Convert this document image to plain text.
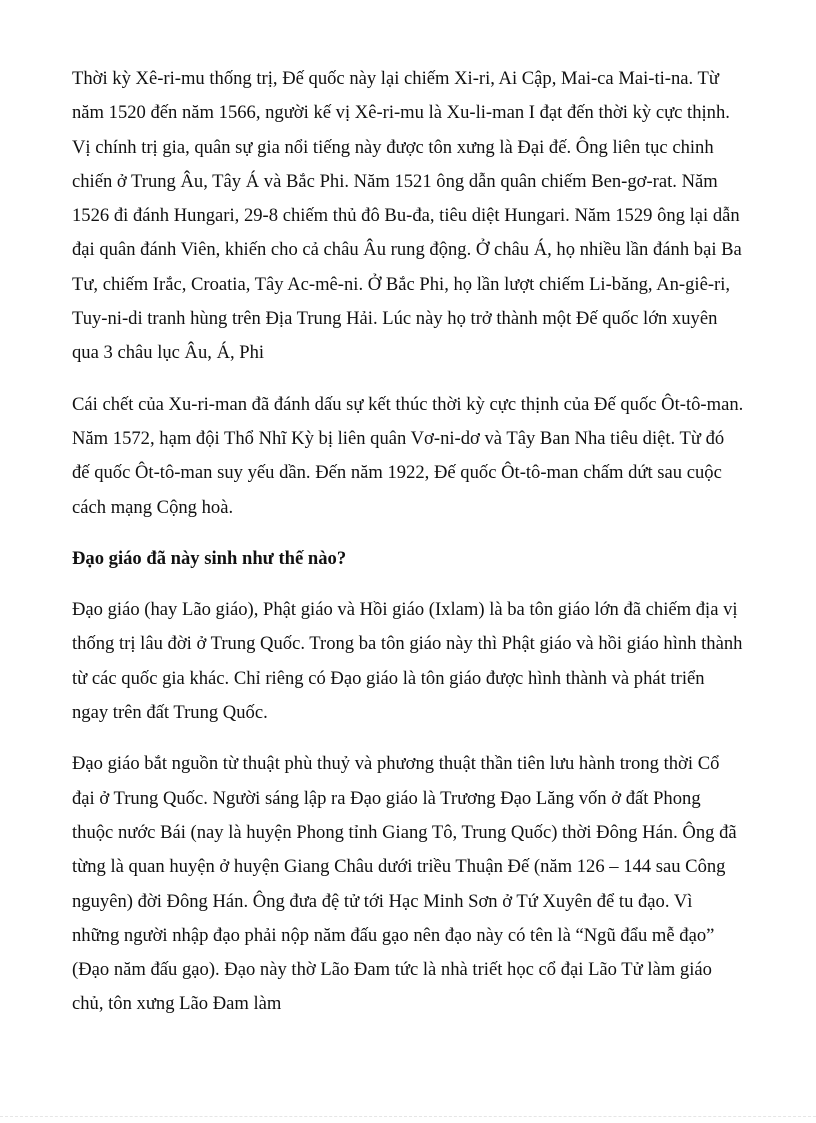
Thời kỳ Xê-ri-mu thống trị, Đế quốc này lại chiếm Xi-ri, Ai Cập, Mai-ca Mai-ti-na. Từ năm 1520 đến năm 1566, người kế vị Xê-ri-mu là Xu-li-man I đạt đến thời kỳ cực thịnh. Vị chính trị gia, quân sự gia nổi tiếng này được tôn xưng là Đại đế. Ông liên tục chinh chiến ở Trung Âu, Tây Á và Bắc Phi. Năm 1521 ông dẫn quân chiếm Ben-gơ-rat. Năm 1526 đi đánh Hungari, 29-8 chiếm thủ đô Bu-đa, tiêu diệt Hungari. Năm 1529 ông lại dẫn đại quân đánh Viên, khiến cho cả châu Âu rung động. Ở châu Á, họ nhiều lần đánh bại Ba Tư, chiếm Irắc, Croatia, Tây Ac-mê-ni. Ở Bắc Phi, họ lần lượt chiếm Li-băng, An-giê-ri, Tuy-ni-di tranh hùng trên Địa Trung Hải. Lúc này họ trở thành một Đế quốc lớn xuyên qua 3 châu lục Âu, Á, Phi

Cái chết của Xu-ri-man đã đánh dấu sự kết thúc thời kỳ cực thịnh của Đế quốc Ôt-tô-man. Năm 1572, hạm đội Thổ Nhĩ Kỳ bị liên quân Vơ-ni-dơ và Tây Ban Nha tiêu diệt. Từ đó đế quốc Ôt-tô-man suy yếu dần. Đến năm 1922, Đế quốc Ôt-tô-man chấm dứt sau cuộc cách mạng Cộng hoà.

Đạo giáo đã này sinh như thế nào?

Đạo giáo (hay Lão giáo), Phật giáo và Hồi giáo (Ixlam) là ba tôn giáo lớn đã chiếm địa vị thống trị lâu đời ở Trung Quốc. Trong ba tôn giáo này thì Phật giáo và hồi giáo hình thành từ các quốc gia khác. Chỉ riêng có Đạo giáo là tôn giáo được hình thành và phát triển ngay trên đất Trung Quốc.

Đạo giáo bắt nguồn từ thuật phù thuỷ và phương thuật thần tiên lưu hành trong thời Cổ đại ở Trung Quốc. Người sáng lập ra Đạo giáo là Trương Đạo Lăng vốn ở đất Phong thuộc nước Bái (nay là huyện Phong tỉnh Giang Tô, Trung Quốc) thời Đông Hán. Ông đã từng là quan huyện ở huyện Giang Châu dưới triều Thuận Đế (năm 126 – 144 sau Công nguyên) đời Đông Hán. Ông đưa đệ tử tới Hạc Minh Sơn ở Tứ Xuyên để tu đạo. Vì những người nhập đạo phải nộp năm đấu gạo nên đạo này có tên là “Ngũ đẩu mễ đạo” (Đạo năm đấu gạo). Đạo này thờ Lão Đam tức là nhà triết học cổ đại Lão Tử làm giáo chủ, tôn xưng Lão Đam làm
